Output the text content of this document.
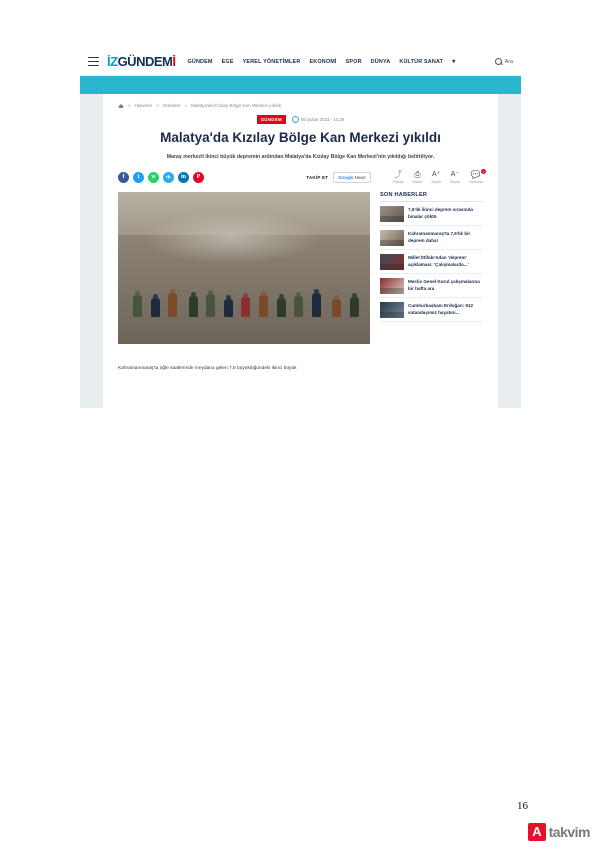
İZ GÜNDEM İ GÜNDEM EGE YEREL YÖNETİMLER EKONOMİ SPOR DÜNYA KÜLTÜR SANAT ▾	Ara
» Haberler » Gündem » Malatya'da Kızılay Bölge Kan Merkezi yıkıldı
GÜNDEM	06 Şubat 2023 - 14:28
Malatya'da Kızılay Bölge Kan Merkezi yıkıldı

Maraş merkezli ikinci büyük depremin ardından Malatya'da Kızılay Bölge Kan Merkezi'nin yıkıldığı belirtiliyor.

f	t	w	✈	in	P	TAKİP ET	Google News	⤴
Paylaş
⎙
Yazdır
A⁺
Büyüt
A⁻
Küçült
💬 0
Yorumlar
SON HABERLER
7,6'lık ikinci deprem sırasında binalar çöktü
Kahramanmaraş'ta 7,6'lık bir deprem daha!
Millet İttifakı'ndan 'deprem' açıklaması: 'Çalışmalarda...'
Meclis Genel Kurul çalışmalarına bir hafta ara
Cumhurbaşkanı Erdoğan: 912 vatandaşımız hayatını...
Kahramanmaraş'ta öğle saatlerinde meydana gelen 7,6 büyüklüğündeki ikinci büyük
16
A takvim
